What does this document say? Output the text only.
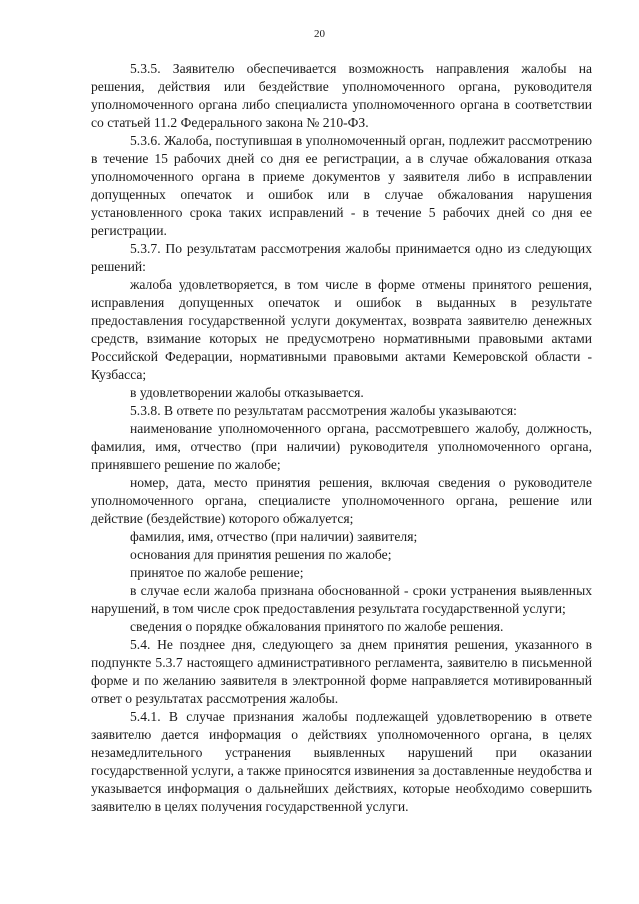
20

5.3.5. Заявителю обеспечивается возможность направления жалобы на решения, действия или бездействие уполномоченного органа, руководителя уполномоченного органа либо специалиста уполномоченного органа в соответствии со статьей 11.2 Федерального закона № 210-ФЗ.

5.3.6. Жалоба, поступившая в уполномоченный орган, подлежит рассмотрению в течение 15 рабочих дней со дня ее регистрации, а в случае обжалования отказа уполномоченного органа в приеме документов у заявителя либо в исправлении допущенных опечаток и ошибок или в случае обжалования нарушения установленного срока таких исправлений - в течение 5 рабочих дней со дня ее регистрации.

5.3.7. По результатам рассмотрения жалобы принимается одно из следующих решений:

жалоба удовлетворяется, в том числе в форме отмены принятого решения, исправления допущенных опечаток и ошибок в выданных в результате предоставления государственной услуги документах, возврата заявителю денежных средств, взимание которых не предусмотрено нормативными правовыми актами Российской Федерации, нормативными правовыми актами Кемеровской области - Кузбасса;

в удовлетворении жалобы отказывается.

5.3.8. В ответе по результатам рассмотрения жалобы указываются:

наименование уполномоченного органа, рассмотревшего жалобу, должность, фамилия, имя, отчество (при наличии) руководителя уполномоченного органа, принявшего решение по жалобе;

номер, дата, место принятия решения, включая сведения о руководителе уполномоченного органа, специалисте уполномоченного органа, решение или действие (бездействие) которого обжалуется;

фамилия, имя, отчество (при наличии) заявителя;

основания для принятия решения по жалобе;

принятое по жалобе решение;

в случае если жалоба признана обоснованной - сроки устранения выявленных нарушений, в том числе срок предоставления результата государственной услуги;

сведения о порядке обжалования принятого по жалобе решения.

5.4. Не позднее дня, следующего за днем принятия решения, указанного в подпункте 5.3.7 настоящего административного регламента, заявителю в письменной форме и по желанию заявителя в электронной форме направляется мотивированный ответ о результатах рассмотрения жалобы.

5.4.1. В случае признания жалобы подлежащей удовлетворению в ответе заявителю дается информация о действиях уполномоченного органа, в целях незамедлительного устранения выявленных нарушений при оказании государственной услуги, а также приносятся извинения за доставленные неудобства и указывается информация о дальнейших действиях, которые необходимо совершить заявителю в целях получения государственной услуги.
